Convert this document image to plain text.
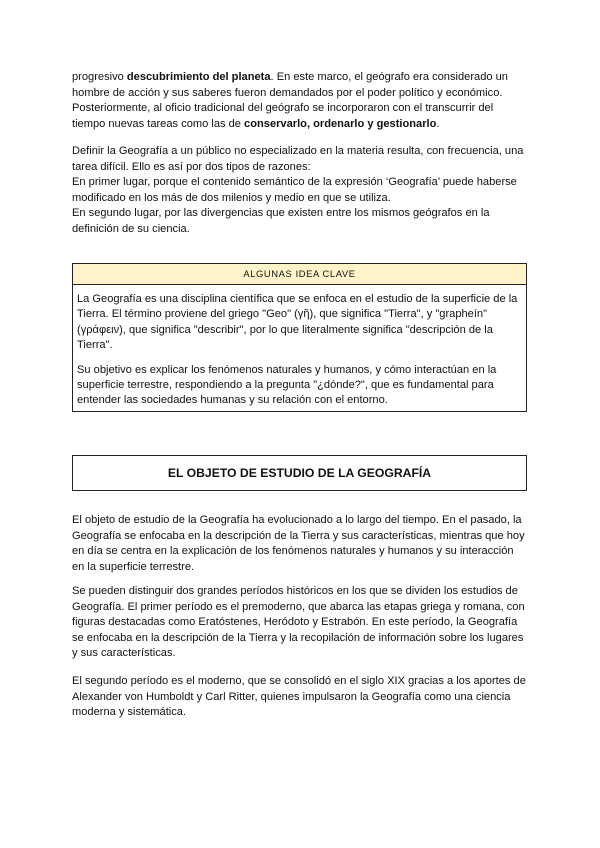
progresivo descubrimiento del planeta. En este marco, el geógrafo era considerado un
hombre de acción y sus saberes fueron demandados por el poder político y económico.
Posteriormente, al oficio tradicional del geógrafo se incorporaron con el transcurrir del
tiempo nuevas tareas como las de conservarlo, ordenarlo y gestionarlo.
Definir la Geografía a un público no especializado en la materia resulta, con frecuencia, una
tarea difícil. Ello es así por dos tipos de razones:
En primer lugar, porque el contenido semántico de la expresión ‘Geografía’ puede haberse
modificado en los más de dos milenios y medio en que se utiliza.
En segundo lugar, por las divergencias que existen entre los mismos geógrafos en la
definición de su ciencia.
ALGUNAS IDEA CLAVE

La Geografía es una disciplina científica que se enfoca en el estudio de la superficie de la
Tierra. El término proviene del griego "Geo" (γῆ), que significa "Tierra", y "grapheín"
(γράφειν), que significa "describir", por lo que literalmente significa "descripción de la
Tierra".

Su objetivo es explicar los fenómenos naturales y humanos, y cómo interactúan en la
superficie terrestre, respondiendo a la pregunta "¿dónde?", que es fundamental para
entender las sociedades humanas y su relación con el entorno.

EL OBJETO DE ESTUDIO DE LA GEOGRAFÍA
El objeto de estudio de la Geografía ha evolucionado a lo largo del tiempo. En el pasado, la
Geografía se enfocaba en la descripción de la Tierra y sus características, mientras que hoy
en día se centra en la explicación de los fenómenos naturales y humanos y su interacción
en la superficie terrestre.
Se pueden distinguir dos grandes períodos históricos en los que se dividen los estudios de
Geografía. El primer período es el premoderno, que abarca las etapas griega y romana, con
figuras destacadas como Eratóstenes, Heródoto y Estrabón. En este período, la Geografía
se enfocaba en la descripción de la Tierra y la recopilación de información sobre los lugares
y sus características.
El segundo período es el moderno, que se consolidó en el siglo XIX gracias a los aportes de
Alexander von Humboldt y Carl Ritter, quienes impulsaron la Geografía como una ciencia
moderna y sistemática.
